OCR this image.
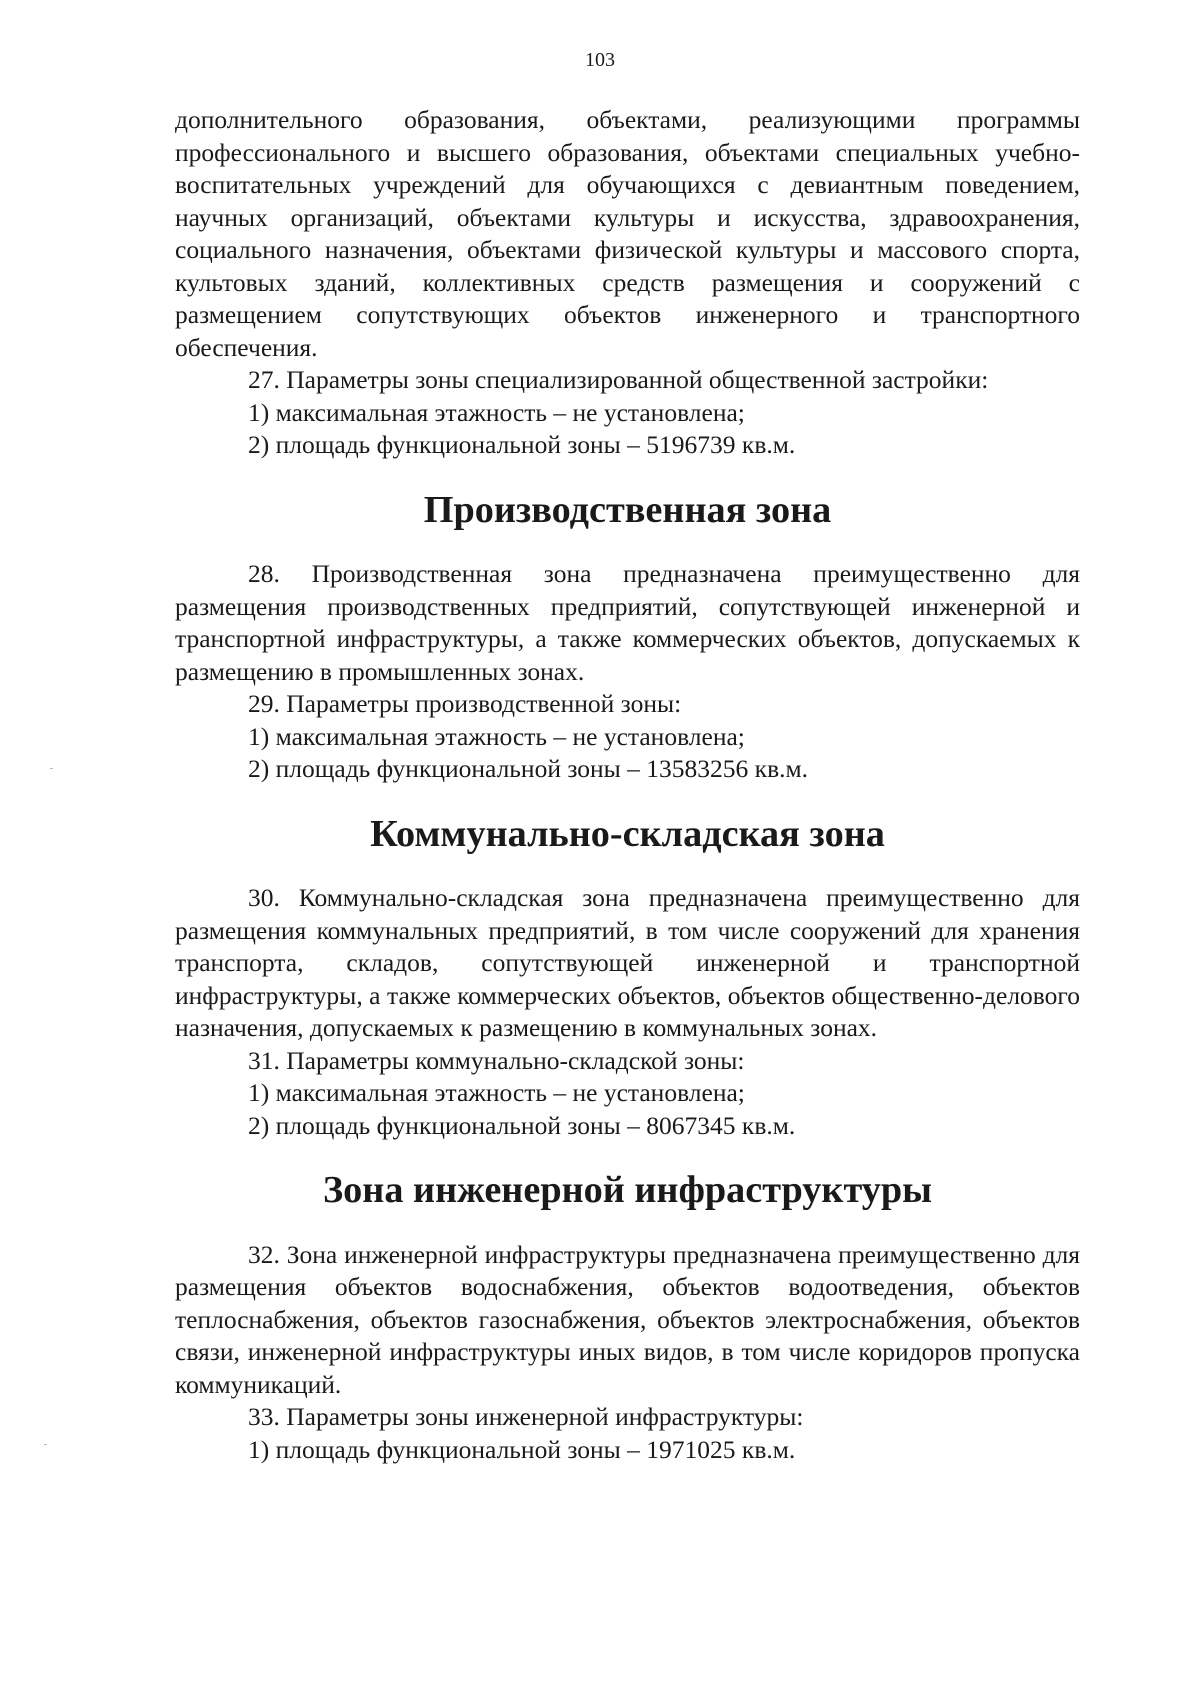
103

дополнительного образования, объектами, реализующими программы профессионального и высшего образования, объектами специальных учебно-воспитательных учреждений для обучающихся с девиантным поведением, научных организаций, объектами культуры и искусства, здравоохранения, социального назначения, объектами физической культуры и массового спорта, культовых зданий, коллективных средств размещения и сооружений с размещением сопутствующих объектов инженерного и транспортного обеспечения.

27. Параметры зоны специализированной общественной застройки:

1) максимальная этажность – не установлена;

2) площадь функциональной зоны – 5196739 кв.м.

Производственная зона

28. Производственная зона предназначена преимущественно для размещения производственных предприятий, сопутствующей инженерной и транспортной инфраструктуры, а также коммерческих объектов, допускаемых к размещению в промышленных зонах.

29. Параметры производственной зоны:

1) максимальная этажность – не установлена;

2) площадь функциональной зоны – 13583256 кв.м.

Коммунально-складская зона

30. Коммунально-складская зона предназначена преимущественно для размещения коммунальных предприятий, в том числе сооружений для хранения транспорта, складов, сопутствующей инженерной и транспортной инфраструктуры, а также коммерческих объектов, объектов общественно-делового назначения, допускаемых к размещению в коммунальных зонах.

31. Параметры коммунально-складской зоны:

1) максимальная этажность – не установлена;

2) площадь функциональной зоны – 8067345 кв.м.

Зона инженерной инфраструктуры

32. Зона инженерной инфраструктуры предназначена преимущественно для размещения объектов водоснабжения, объектов водоотведения, объектов теплоснабжения, объектов газоснабжения, объектов электроснабжения, объектов связи, инженерной инфраструктуры иных видов, в том числе коридоров пропуска коммуникаций.

33. Параметры зоны инженерной инфраструктуры:

1) площадь функциональной зоны – 1971025 кв.м.
